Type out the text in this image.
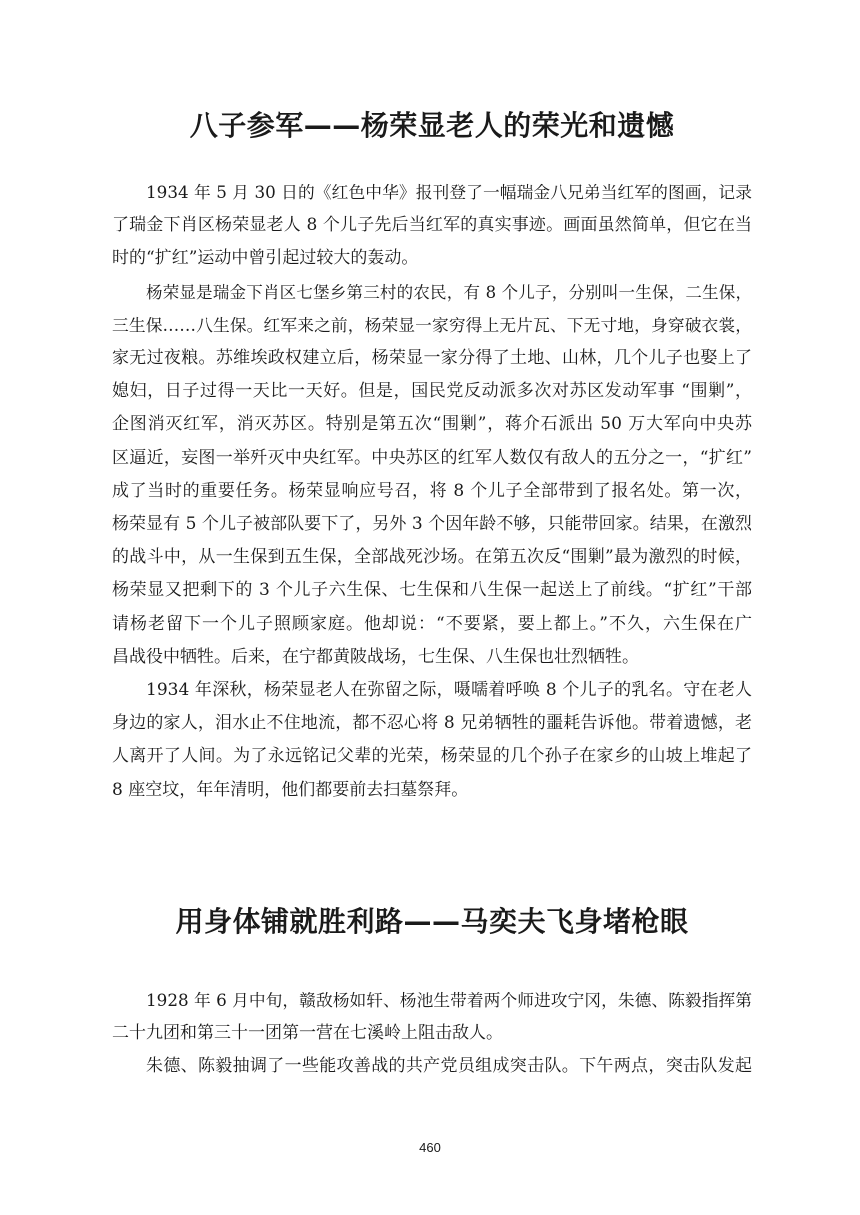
八子参军——杨荣显老人的荣光和遗憾

1934 年 5 月 30 日的《红色中华》报刊登了一幅瑞金八兄弟当红军的图画，记录
了瑞金下肖区杨荣显老人 8 个儿子先后当红军的真实事迹。画面虽然简单，但它在当
时的“扩红”运动中曾引起过较大的轰动。

杨荣显是瑞金下肖区七堡乡第三村的农民，有 8 个儿子，分别叫一生保，二生保，
三生保……八生保。红军来之前，杨荣显一家穷得上无片瓦、下无寸地，身穿破衣裳，
家无过夜粮。苏维埃政权建立后，杨荣显一家分得了土地、山林，几个儿子也娶上了
媳妇，日子过得一天比一天好。但是，国民党反动派多次对苏区发动军事 “围剿”，
企图消灭红军，消灭苏区。特别是第五次“围剿”，蒋介石派出 50 万大军向中央苏
区逼近，妄图一举歼灭中央红军。中央苏区的红军人数仅有敌人的五分之一，“扩红”
成了当时的重要任务。杨荣显响应号召，将 8 个儿子全部带到了报名处。第一次，
杨荣显有 5 个儿子被部队要下了，另外 3 个因年龄不够，只能带回家。结果，在激烈
的战斗中，从一生保到五生保，全部战死沙场。在第五次反“围剿”最为激烈的时候，
杨荣显又把剩下的 3 个儿子六生保、七生保和八生保一起送上了前线。“扩红”干部
请杨老留下一个儿子照顾家庭。他却说：“不要紧，要上都上。”不久，六生保在广
昌战役中牺牲。后来，在宁都黄陂战场，七生保、八生保也壮烈牺牲。

1934 年深秋，杨荣显老人在弥留之际，嗫嚅着呼唤 8 个儿子的乳名。守在老人
身边的家人，泪水止不住地流，都不忍心将 8 兄弟牺牲的噩耗告诉他。带着遗憾，老
人离开了人间。为了永远铭记父辈的光荣，杨荣显的几个孙子在家乡的山坡上堆起了
8 座空坟，年年清明，他们都要前去扫墓祭拜。

用身体铺就胜利路——马奕夫飞身堵枪眼

1928 年 6 月中旬，赣敌杨如轩、杨池生带着两个师进攻宁冈，朱德、陈毅指挥第
二十九团和第三十一团第一营在七溪岭上阻击敌人。

朱德、陈毅抽调了一些能攻善战的共产党员组成突击队。下午两点，突击队发起

460
